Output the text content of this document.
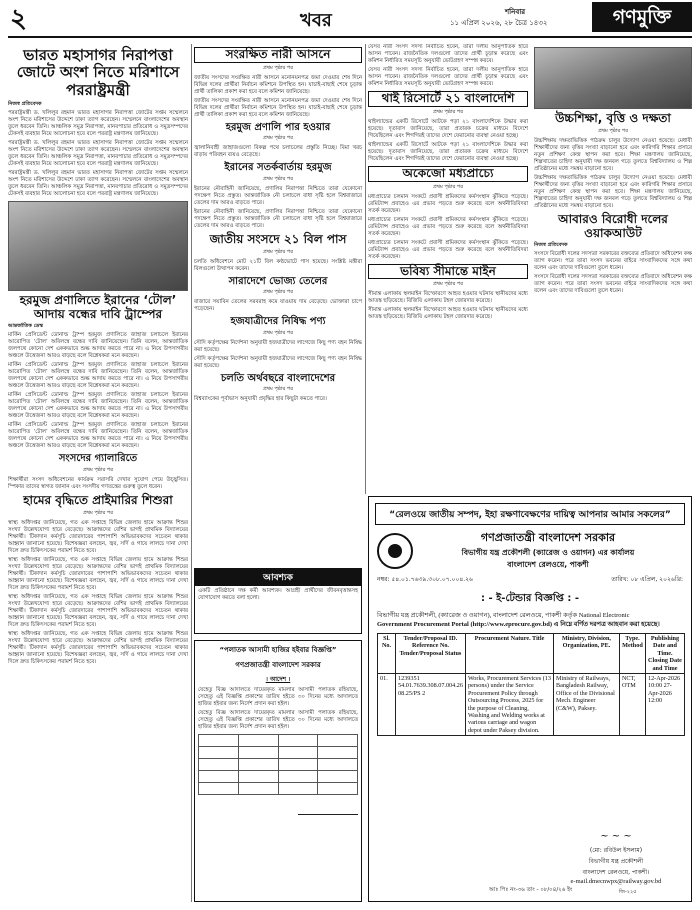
২	খবর	শনিবার
১১ এপ্রিল ২০২৬, ২৮ চৈত্র ১৪৩২	গণমুক্তি
ভারত মহাসাগর নিরাপত্তা জোটে অংশ নিতে মরিশাসে পররাষ্ট্রমন্ত্রী
নিজস্ব প্রতিবেদক

পররাষ্ট্রমন্ত্রী ড. খলিলুর রহমান ভারত মহাসাগর নিরাপত্তা জোটের সপ্তম সম্মেলনে অংশ নিতে মরিশাসের উদ্দেশে ঢাকা ত্যাগ করেছেন। সম্মেলনে বাংলাদেশের অবস্থান তুলে ধরবেন তিনি। আঞ্চলিক সমুদ্র নিরাপত্তা, মানবপাচার প্রতিরোধ ও সমুদ্রসম্পদের টেকসই ব্যবহার নিয়ে আলোচনা হবে বলে পররাষ্ট্র মন্ত্রণালয় জানিয়েছে।

পররাষ্ট্রমন্ত্রী ড. খলিলুর রহমান ভারত মহাসাগর নিরাপত্তা জোটের সপ্তম সম্মেলনে অংশ নিতে মরিশাসের উদ্দেশে ঢাকা ত্যাগ করেছেন। সম্মেলনে বাংলাদেশের অবস্থান তুলে ধরবেন তিনি। আঞ্চলিক সমুদ্র নিরাপত্তা, মানবপাচার প্রতিরোধ ও সমুদ্রসম্পদের টেকসই ব্যবহার নিয়ে আলোচনা হবে বলে পররাষ্ট্র মন্ত্রণালয় জানিয়েছে।

পররাষ্ট্রমন্ত্রী ড. খলিলুর রহমান ভারত মহাসাগর নিরাপত্তা জোটের সপ্তম সম্মেলনে অংশ নিতে মরিশাসের উদ্দেশে ঢাকা ত্যাগ করেছেন। সম্মেলনে বাংলাদেশের অবস্থান তুলে ধরবেন তিনি। আঞ্চলিক সমুদ্র নিরাপত্তা, মানবপাচার প্রতিরোধ ও সমুদ্রসম্পদের টেকসই ব্যবহার নিয়ে আলোচনা হবে বলে পররাষ্ট্র মন্ত্রণালয় জানিয়েছে।

হরমুজ প্রণালিতে ইরানের ‘টোল’ আদায় বন্ধের দাবি ট্রাম্পের
আন্তর্জাতিক ডেস্ক

মার্কিন প্রেসিডেন্ট ডোনাল্ড ট্রাম্প হরমুজ প্রণালিতে জাহাজ চলাচলে ইরানের আরোপিত ‘টোল’ অবিলম্বে বন্ধের দাবি জানিয়েছেন। তিনি বলেন, আন্তর্জাতিক জলপথে কোনো দেশ এককভাবে শুল্ক আদায় করতে পারে না। এ নিয়ে উপসাগরীয় অঞ্চলে উত্তেজনা আরও বাড়ছে বলে বিশ্লেষকরা মনে করছেন।

মার্কিন প্রেসিডেন্ট ডোনাল্ড ট্রাম্প হরমুজ প্রণালিতে জাহাজ চলাচলে ইরানের আরোপিত ‘টোল’ অবিলম্বে বন্ধের দাবি জানিয়েছেন। তিনি বলেন, আন্তর্জাতিক জলপথে কোনো দেশ এককভাবে শুল্ক আদায় করতে পারে না। এ নিয়ে উপসাগরীয় অঞ্চলে উত্তেজনা আরও বাড়ছে বলে বিশ্লেষকরা মনে করছেন।

মার্কিন প্রেসিডেন্ট ডোনাল্ড ট্রাম্প হরমুজ প্রণালিতে জাহাজ চলাচলে ইরানের আরোপিত ‘টোল’ অবিলম্বে বন্ধের দাবি জানিয়েছেন। তিনি বলেন, আন্তর্জাতিক জলপথে কোনো দেশ এককভাবে শুল্ক আদায় করতে পারে না। এ নিয়ে উপসাগরীয় অঞ্চলে উত্তেজনা আরও বাড়ছে বলে বিশ্লেষকরা মনে করছেন।

মার্কিন প্রেসিডেন্ট ডোনাল্ড ট্রাম্প হরমুজ প্রণালিতে জাহাজ চলাচলে ইরানের আরোপিত ‘টোল’ অবিলম্বে বন্ধের দাবি জানিয়েছেন। তিনি বলেন, আন্তর্জাতিক জলপথে কোনো দেশ এককভাবে শুল্ক আদায় করতে পারে না। এ নিয়ে উপসাগরীয় অঞ্চলে উত্তেজনা আরও বাড়ছে বলে বিশ্লেষকরা মনে করছেন।

সংসদের গ্যালারিতে
প্রথম পৃষ্ঠার পর

শিক্ষার্থীরা সংসদ অধিবেশনের কার্যক্রম সরাসরি দেখার সুযোগ পেয়ে উচ্ছ্বসিত। স্পিকার তাদের স্বাগত জানান এবং সংসদীয় গণতন্ত্রের গুরুত্ব তুলে ধরেন।

হামের বৃদ্ধিতে প্রাইমারির শিশুরা
প্রথম পৃষ্ঠার পর

স্বাস্থ্য অধিদপ্তর জানিয়েছে, গত এক সপ্তাহে বিভিন্ন জেলায় হামে আক্রান্ত শিশুর সংখ্যা উল্লেখযোগ্য হারে বেড়েছে। আক্রান্তদের বেশির ভাগই প্রাথমিক বিদ্যালয়ের শিক্ষার্থী। টিকাদান কর্মসূচি জোরদারের পাশাপাশি অভিভাবকদের সচেতন থাকার আহ্বান জানানো হয়েছে। বিশেষজ্ঞরা বলছেন, জ্বর, সর্দি ও গায়ে লালচে দানা দেখা দিলে দ্রুত চিকিৎসকের পরামর্শ নিতে হবে।

স্বাস্থ্য অধিদপ্তর জানিয়েছে, গত এক সপ্তাহে বিভিন্ন জেলায় হামে আক্রান্ত শিশুর সংখ্যা উল্লেখযোগ্য হারে বেড়েছে। আক্রান্তদের বেশির ভাগই প্রাথমিক বিদ্যালয়ের শিক্ষার্থী। টিকাদান কর্মসূচি জোরদারের পাশাপাশি অভিভাবকদের সচেতন থাকার আহ্বান জানানো হয়েছে। বিশেষজ্ঞরা বলছেন, জ্বর, সর্দি ও গায়ে লালচে দানা দেখা দিলে দ্রুত চিকিৎসকের পরামর্শ নিতে হবে।

স্বাস্থ্য অধিদপ্তর জানিয়েছে, গত এক সপ্তাহে বিভিন্ন জেলায় হামে আক্রান্ত শিশুর সংখ্যা উল্লেখযোগ্য হারে বেড়েছে। আক্রান্তদের বেশির ভাগই প্রাথমিক বিদ্যালয়ের শিক্ষার্থী। টিকাদান কর্মসূচি জোরদারের পাশাপাশি অভিভাবকদের সচেতন থাকার আহ্বান জানানো হয়েছে। বিশেষজ্ঞরা বলছেন, জ্বর, সর্দি ও গায়ে লালচে দানা দেখা দিলে দ্রুত চিকিৎসকের পরামর্শ নিতে হবে।

স্বাস্থ্য অধিদপ্তর জানিয়েছে, গত এক সপ্তাহে বিভিন্ন জেলায় হামে আক্রান্ত শিশুর সংখ্যা উল্লেখযোগ্য হারে বেড়েছে। আক্রান্তদের বেশির ভাগই প্রাথমিক বিদ্যালয়ের শিক্ষার্থী। টিকাদান কর্মসূচি জোরদারের পাশাপাশি অভিভাবকদের সচেতন থাকার আহ্বান জানানো হয়েছে। বিশেষজ্ঞরা বলছেন, জ্বর, সর্দি ও গায়ে লালচে দানা দেখা দিলে দ্রুত চিকিৎসকের পরামর্শ নিতে হবে।

সংরক্ষিত নারী আসনে
প্রথম পৃষ্ঠার পর

জাতীয় সংসদের সংরক্ষিত নারী আসনে মনোনয়নপত্র জমা দেওয়ার শেষ দিনে বিভিন্ন দলের প্রার্থীরা নির্বাচন কমিশনে উপস্থিত হন। যাচাই-বাছাই শেষে চূড়ান্ত প্রার্থী তালিকা প্রকাশ করা হবে বলে কমিশন জানিয়েছে।

জাতীয় সংসদের সংরক্ষিত নারী আসনে মনোনয়নপত্র জমা দেওয়ার শেষ দিনে বিভিন্ন দলের প্রার্থীরা নির্বাচন কমিশনে উপস্থিত হন। যাচাই-বাছাই শেষে চূড়ান্ত প্রার্থী তালিকা প্রকাশ করা হবে বলে কমিশন জানিয়েছে।

হরমুজ প্রণালি পার হওয়ার
প্রথম পৃষ্ঠার পর

জ্বালানিবাহী জাহাজগুলো বিকল্প পথে চলাচলের প্রস্তুতি নিচ্ছে। বিমা খরচ বাড়ায় পরিবহন ব্যয়ও বেড়েছে।

ইরানের সতর্কবার্তায় হরমুজ
প্রথম পৃষ্ঠার পর

ইরানের নৌবাহিনী জানিয়েছে, প্রণালির নিরাপত্তা নিশ্চিতে তারা যেকোনো পদক্ষেপ নিতে প্রস্তুত। আন্তর্জাতিক নৌ চলাচলে বাধা সৃষ্টি হলে বিশ্ববাজারে তেলের দাম আরও বাড়তে পারে।

ইরানের নৌবাহিনী জানিয়েছে, প্রণালির নিরাপত্তা নিশ্চিতে তারা যেকোনো পদক্ষেপ নিতে প্রস্তুত। আন্তর্জাতিক নৌ চলাচলে বাধা সৃষ্টি হলে বিশ্ববাজারে তেলের দাম আরও বাড়তে পারে।

জাতীয় সংসদে ২১ বিল পাস
প্রথম পৃষ্ঠার পর

চলতি অধিবেশনে মোট ২১টি বিল কণ্ঠভোটে পাস হয়েছে। সংশ্লিষ্ট মন্ত্রীরা বিলগুলো উত্থাপন করেন।

সারাদেশে ভোজ্য তেলের
প্রথম পৃষ্ঠার পর

বাজারে সয়াবিন তেলের সরবরাহ কমে যাওয়ায় দাম বেড়েছে। ভোক্তারা চাপে পড়েছেন।

হজযাত্রীদের নিষিদ্ধ পণ্য
প্রথম পৃষ্ঠার পর

সৌদি কর্তৃপক্ষের নির্দেশনা অনুযায়ী হজযাত্রীদের লাগেজে কিছু পণ্য বহন নিষিদ্ধ করা হয়েছে।

সৌদি কর্তৃপক্ষের নির্দেশনা অনুযায়ী হজযাত্রীদের লাগেজে কিছু পণ্য বহন নিষিদ্ধ করা হয়েছে।

চলতি অর্থবছরে বাংলাদেশের
প্রথম পৃষ্ঠার পর

বিশ্বব্যাংকের পূর্বাভাস অনুযায়ী প্রবৃদ্ধির হার কিছুটা কমতে পারে।

আবশ্যক
একটি প্রতিষ্ঠানে দক্ষ কর্মী আবশ্যক। আগ্রহী প্রার্থীদের জীবনবৃত্তান্তসহ যোগাযোগ করতে বলা হলো।
“পলাতক আসামী হাজির হইবার বিজ্ঞপ্তি”
গণপ্রজাতন্ত্রী বাংলাদেশ সরকার
। আদেশ ।

যেহেতু বিজ্ঞ আদালতে দায়েরকৃত মামলার আসামী পলাতক রহিয়াছে, সেহেতু এই বিজ্ঞপ্তি প্রকাশের তারিখ হইতে ৩০ দিনের মধ্যে আদালতে হাজির হইবার জন্য নির্দেশ প্রদান করা হইল।

যেহেতু বিজ্ঞ আদালতে দায়েরকৃত মামলার আসামী পলাতক রহিয়াছে, সেহেতু এই বিজ্ঞপ্তি প্রকাশের তারিখ হইতে ৩০ দিনের মধ্যে আদালতে হাজির হইবার জন্য নির্দেশ প্রদান করা হইল।

যেসব নারী সংসদ সদস্য নির্বাচিত হবেন, তারা দলীয় আনুপাতিক হারে আসন পাবেন। রাজনৈতিক দলগুলো তাদের প্রার্থী চূড়ান্ত করেছে এবং কমিশন নির্ধারিত সময়সূচি অনুযায়ী ভোটগ্রহণ সম্পন্ন করবে।

যেসব নারী সংসদ সদস্য নির্বাচিত হবেন, তারা দলীয় আনুপাতিক হারে আসন পাবেন। রাজনৈতিক দলগুলো তাদের প্রার্থী চূড়ান্ত করেছে এবং কমিশন নির্ধারিত সময়সূচি অনুযায়ী ভোটগ্রহণ সম্পন্ন করবে।

থাই রিসোর্টে ২১ বাংলাদেশি
প্রথম পৃষ্ঠার পর

থাইল্যান্ডের একটি রিসোর্টে আটকে পড়া ২১ বাংলাদেশিকে উদ্ধার করা হয়েছে। দূতাবাস জানিয়েছে, তারা প্রতারক চক্রের মাধ্যমে বিদেশে গিয়েছিলেন এবং শিগগিরই তাদের দেশে ফেরানোর ব্যবস্থা নেওয়া হচ্ছে।

থাইল্যান্ডের একটি রিসোর্টে আটকে পড়া ২১ বাংলাদেশিকে উদ্ধার করা হয়েছে। দূতাবাস জানিয়েছে, তারা প্রতারক চক্রের মাধ্যমে বিদেশে গিয়েছিলেন এবং শিগগিরই তাদের দেশে ফেরানোর ব্যবস্থা নেওয়া হচ্ছে।

অকেজো মধ্যপ্রাচ্যে
প্রথম পৃষ্ঠার পর

মধ্যপ্রাচ্যের চলমান সংকটে প্রবাসী শ্রমিকদের কর্মসংস্থান ঝুঁকিতে পড়েছে। রেমিট্যান্স প্রবাহেও এর প্রভাব পড়তে শুরু করেছে বলে অর্থনীতিবিদরা সতর্ক করেছেন।

মধ্যপ্রাচ্যের চলমান সংকটে প্রবাসী শ্রমিকদের কর্মসংস্থান ঝুঁকিতে পড়েছে। রেমিট্যান্স প্রবাহেও এর প্রভাব পড়তে শুরু করেছে বলে অর্থনীতিবিদরা সতর্ক করেছেন।

মধ্যপ্রাচ্যের চলমান সংকটে প্রবাসী শ্রমিকদের কর্মসংস্থান ঝুঁকিতে পড়েছে। রেমিট্যান্স প্রবাহেও এর প্রভাব পড়তে শুরু করেছে বলে অর্থনীতিবিদরা সতর্ক করেছেন।

ভবিষ্য সীমান্তে মাইন
প্রথম পৃষ্ঠার পর

সীমান্ত এলাকায় স্থলমাইন বিস্ফোরণে আহত হওয়ার ঘটনায় স্থানীয়দের মধ্যে আতঙ্ক ছড়িয়েছে। বিজিবি এলাকায় টহল জোরদার করেছে।

সীমান্ত এলাকায় স্থলমাইন বিস্ফোরণে আহত হওয়ার ঘটনায় স্থানীয়দের মধ্যে আতঙ্ক ছড়িয়েছে। বিজিবি এলাকায় টহল জোরদার করেছে।

উচ্চশিক্ষা, বৃত্তি ও দক্ষতা
প্রথম পৃষ্ঠার পর

উচ্চশিক্ষায় দক্ষতাভিত্তিক পাঠক্রম চালুর উদ্যোগ নেওয়া হয়েছে। মেধাবী শিক্ষার্থীদের জন্য বৃত্তির সংখ্যা বাড়ানো হবে এবং কারিগরি শিক্ষার প্রসারে নতুন প্রশিক্ষণ কেন্দ্র স্থাপন করা হবে। শিক্ষা মন্ত্রণালয় জানিয়েছে, শিল্পখাতের চাহিদা অনুযায়ী দক্ষ জনবল গড়ে তুলতে বিশ্ববিদ্যালয় ও শিল্প প্রতিষ্ঠানের মধ্যে সমন্বয় বাড়ানো হবে।

উচ্চশিক্ষায় দক্ষতাভিত্তিক পাঠক্রম চালুর উদ্যোগ নেওয়া হয়েছে। মেধাবী শিক্ষার্থীদের জন্য বৃত্তির সংখ্যা বাড়ানো হবে এবং কারিগরি শিক্ষার প্রসারে নতুন প্রশিক্ষণ কেন্দ্র স্থাপন করা হবে। শিক্ষা মন্ত্রণালয় জানিয়েছে, শিল্পখাতের চাহিদা অনুযায়ী দক্ষ জনবল গড়ে তুলতে বিশ্ববিদ্যালয় ও শিল্প প্রতিষ্ঠানের মধ্যে সমন্বয় বাড়ানো হবে।

আবারও বিরোধী দলের ওয়াকআউট
নিজস্ব প্রতিবেদক

সংসদে বিরোধী দলের সদস্যরা সরকারের বক্তব্যের প্রতিবাদে অধিবেশন কক্ষ ত্যাগ করেন। পরে তারা সংসদ ভবনের বাইরে সাংবাদিকদের সঙ্গে কথা বলেন এবং তাদের দাবিগুলো তুলে ধরেন।

সংসদে বিরোধী দলের সদস্যরা সরকারের বক্তব্যের প্রতিবাদে অধিবেশন কক্ষ ত্যাগ করেন। পরে তারা সংসদ ভবনের বাইরে সাংবাদিকদের সঙ্গে কথা বলেন এবং তাদের দাবিগুলো তুলে ধরেন।

“রেলওয়ে জাতীয় সম্পদ, ইহা রক্ষণাবেক্ষণের দায়িত্ব আপনার আমার সকলের”
গণপ্রজাতন্ত্রী বাংলাদেশ সরকার
বিভাগীয় যন্ত্র প্রকৌশলী (ক্যারেজ ও ওয়াগন) এর কার্যালয়
বাংলাদেশ রেলওয়ে, পাকশী
নম্বর: ৫৪.০১.৭৬৩৯.৩০৮.০৭.০০৪.২৬	তারিখ: ০৮ এপ্রিল, ২০২৬খ্রি:
: - ই-টেন্ডার বিজ্ঞপ্তি : -
বিভাগীয় যন্ত্র প্রকৌশলী, (ক্যারেজ ও ওয়াগন), বাংলাদেশ রেলওয়ে, পাকশী কর্তৃক National Electronic
Government Procurement Portal (http://www.eprocure.gov.bd) এ নিম্নে বর্ণিত দরপত্র আহবান করা হয়েছে।
Sl. No.	Tender/Proposal ID. Reference No. Tender/Proposal Status	Procurement Nature. Title	Ministry, Division, Organization, PE.	Type. Method	Publishing Date and Time. Closing Date and Time
01.	1239351 54.01.7639.308.07.004.26 08.25/PS 2	Works, Procurement Services (13 persons) under the Service Procurement Policy through Outsourcing Process, 2025 for the purpose of Cleaning, Washing and Welding works at various carriage and wagon depot under Paksey division.	Ministry of Railways, Bangladesh Railway, Office of the Divisional Mech. Engineer (C&W), Paksey.	NCT, OTM	12-Apr-2026 10:00 27-Apr-2026 12:00
~ ~ ~
(মো: রবিউল ইসলাম)
বিভাগীয় যন্ত্র প্রকৌশলী
বাংলাদেশ রেলওয়ে, পাকশী।
e-mail.dmecnwpx@railway.gov.bd
আঃ পিঃ নং-৩৬ তাং - ০৮/০৪/২৬ ইং	জি-২২৫
